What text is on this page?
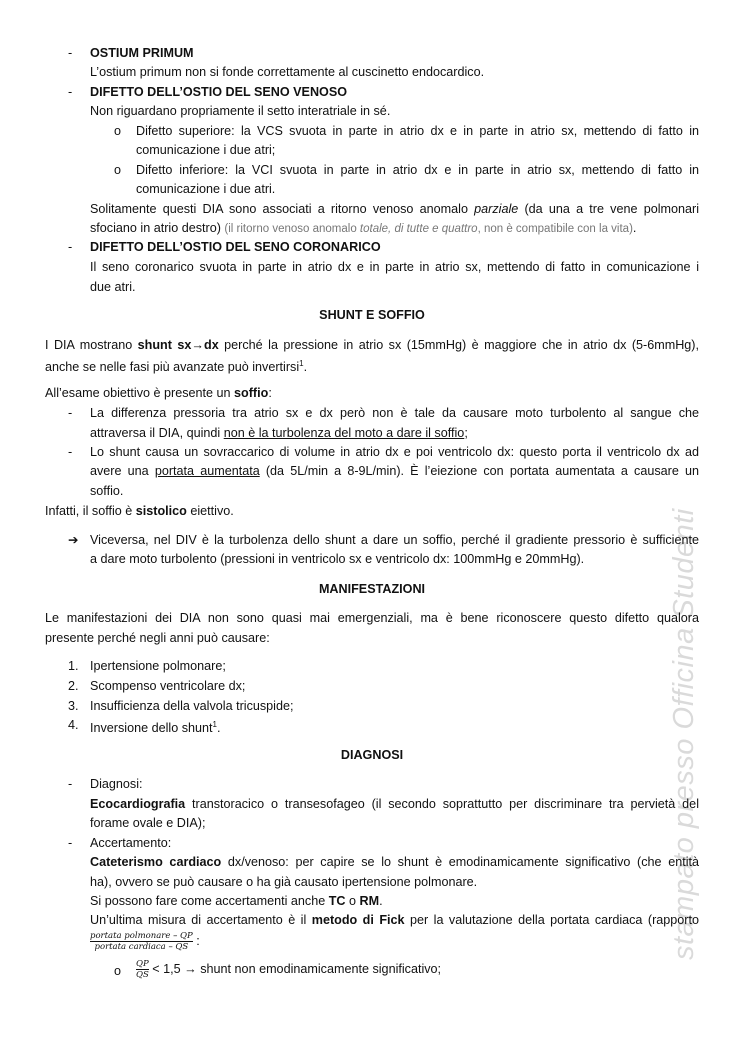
stampato presso Officina Studenti
- OSTIUM PRIMUM
L’ostium primum non si fonde correttamente al cuscinetto endocardico.
- DIFETTO DELL’OSTIO DEL SENO VENOSO
Non riguardano propriamente il setto interatriale in sé.
o Difetto superiore: la VCS svuota in parte in atrio dx e in parte in atrio sx, mettendo di fatto in
comunicazione i due atri;
o Difetto inferiore: la VCI svuota in parte in atrio dx e in parte in atrio sx, mettendo di fatto in
comunicazione i due atri.
Solitamente questi DIA sono associati a ritorno venoso anomalo parziale (da una a tre vene polmonari
sfociano in atrio destro) (il ritorno venoso anomalo totale, di tutte e quattro, non è compatibile con la vita).
- DIFETTO DELL’OSTIO DEL SENO CORONARICO
Il seno coronarico svuota in parte in atrio dx e in parte in atrio sx, mettendo di fatto in comunicazione i
due atri.
SHUNT E SOFFIO
I DIA mostrano shunt sx→dx perché la pressione in atrio sx (15mmHg) è maggiore che in atrio dx (5-6mmHg),
anche se nelle fasi più avanzate può invertirsi$^1$.
All’esame obiettivo è presente un soffio:
- La differenza pressoria tra atrio sx e dx però non è tale da causare moto turbolento al sangue che
attraversa il DIA, quindi non è la turbolenza del moto a dare il soffio;
- Lo shunt causa un sovraccarico di volume in atrio dx e poi ventricolo dx: questo porta il ventricolo dx ad
avere una portata aumentata (da 5L/min a 8-9L/min). È l’eiezione con portata aumentata a causare un
soffio.
Infatti, il soffio è sistolico eiettivo.
➔ Viceversa, nel DIV è la turbolenza dello shunt a dare un soffio, perché il gradiente pressorio è sufficiente
a dare moto turbolento (pressioni in ventricolo sx e ventricolo dx: 100mmHg e 20mmHg).
MANIFESTAZIONI
Le manifestazioni dei DIA non sono quasi mai emergenziali, ma è bene riconoscere questo difetto qualora
presente perché negli anni può causare:
1. Ipertensione polmonare;
2. Scompenso ventricolare dx;
3. Insufficienza della valvola tricuspide;
4. Inversione dello shunt$^1$.
DIAGNOSI
- Diagnosi:
Ecocardiografia transtoracico o transesofageo (il secondo soprattutto per discriminare tra pervietà del
forame ovale e DIA);
- Accertamento:
Cateterismo cardiaco dx/venoso: per capire se lo shunt è emodinamicamente significativo (che entità
ha), ovvero se può causare o ha già causato ipertensione polmonare.
Si possono fare come accertamenti anche TC o RM.
Un’ultima misura di accertamento è il metodo di Fick per la valutazione della portata cardiaca (rapporto
$\frac{\text{portata polmonare – QP}}{\text{portata cardiaca – QS}}$ :
o $\frac{QP}{QS} < 1,5$ → shunt non emodinamicamente significativo;
